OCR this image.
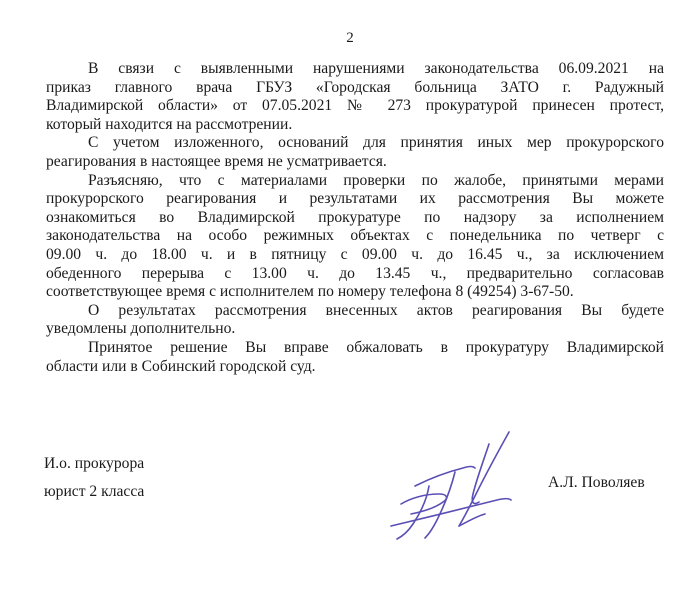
2

В связи с выявленными нарушениями законодательства 06.09.2021 на
приказ главного врача ГБУЗ «Городская больница ЗАТО г. Радужный
Владимирской области» от 07.05.2021 № 273 прокуратурой принесен протест,
который находится на рассмотрении.

С учетом изложенного, оснований для принятия иных мер прокурорского
реагирования в настоящее время не усматривается.

Разъясняю, что с материалами проверки по жалобе, принятыми мерами
прокурорского реагирования и результатами их рассмотрения Вы можете
ознакомиться во Владимирской прокуратуре по надзору за исполнением
законодательства на особо режимных объектах с понедельника по четверг с
09.00 ч. до 18.00 ч. и в пятницу с 09.00 ч. до 16.45 ч., за исключением
обеденного перерыва с 13.00 ч. до 13.45 ч., предварительно согласовав
соответствующее время с исполнителем по номеру телефона 8 (49254) 3-67-50.

О результатах рассмотрения внесенных актов реагирования Вы будете
уведомлены дополнительно.

Принятое решение Вы вправе обжаловать в прокуратуру Владимирской
области или в Собинский городской суд.

И.о. прокурора
юрист 2 класса
А.Л. Поволяев
